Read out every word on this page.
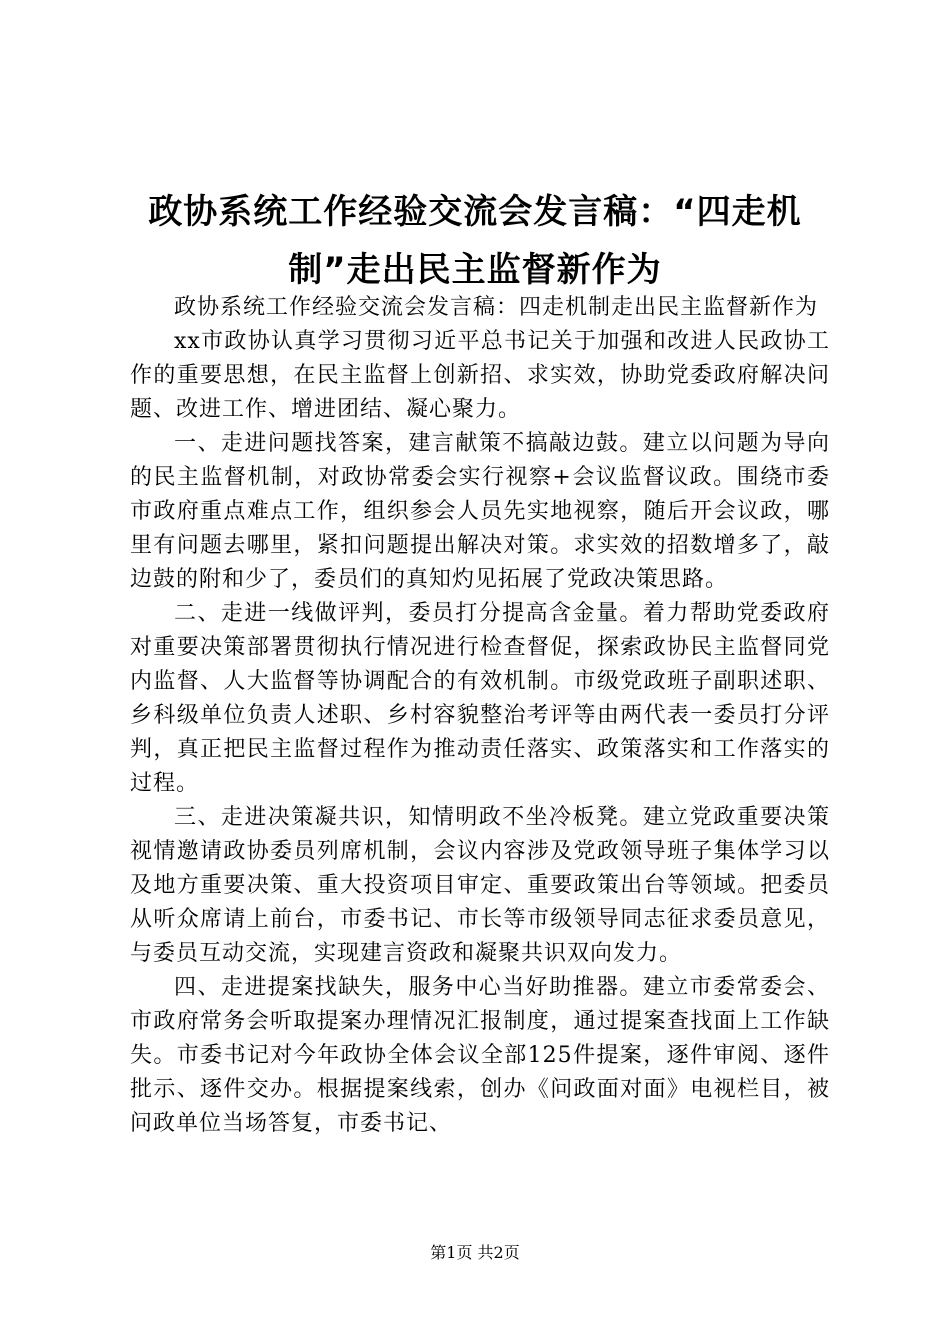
政协系统工作经验交流会发言稿：“四走机制”走出民主监督新作为

政协系统工作经验交流会发言稿：四走机制走出民主监督新作为

xx市政协认真学习贯彻习近平总书记关于加强和改进人民政协工作的重要思想，在民主监督上创新招、求实效，协助党委政府解决问题、改进工作、增进团结、凝心聚力。

一、走进问题找答案，建言献策不搞敲边鼓。建立以问题为导向的民主监督机制，对政协常委会实行视察+会议监督议政。围绕市委市政府重点难点工作，组织参会人员先实地视察，随后开会议政，哪里有问题去哪里，紧扣问题提出解决对策。求实效的招数增多了，敲边鼓的附和少了，委员们的真知灼见拓展了党政决策思路。

二、走进一线做评判，委员打分提高含金量。着力帮助党委政府对重要决策部署贯彻执行情况进行检查督促，探索政协民主监督同党内监督、人大监督等协调配合的有效机制。市级党政班子副职述职、乡科级单位负责人述职、乡村容貌整治考评等由两代表一委员打分评判，真正把民主监督过程作为推动责任落实、政策落实和工作落实的过程。

三、走进决策凝共识，知情明政不坐冷板凳。建立党政重要决策视情邀请政协委员列席机制，会议内容涉及党政领导班子集体学习以及地方重要决策、重大投资项目审定、重要政策出台等领域。把委员从听众席请上前台，市委书记、市长等市级领导同志征求委员意见，与委员互动交流，实现建言资政和凝聚共识双向发力。

四、走进提案找缺失，服务中心当好助推器。建立市委常委会、市政府常务会听取提案办理情况汇报制度，通过提案查找面上工作缺失。市委书记对今年政协全体会议全部125件提案，逐件审阅、逐件批示、逐件交办。根据提案线索，创办《问政面对面》电视栏目，被问政单位当场答复，市委书记、

第1页 共2页
